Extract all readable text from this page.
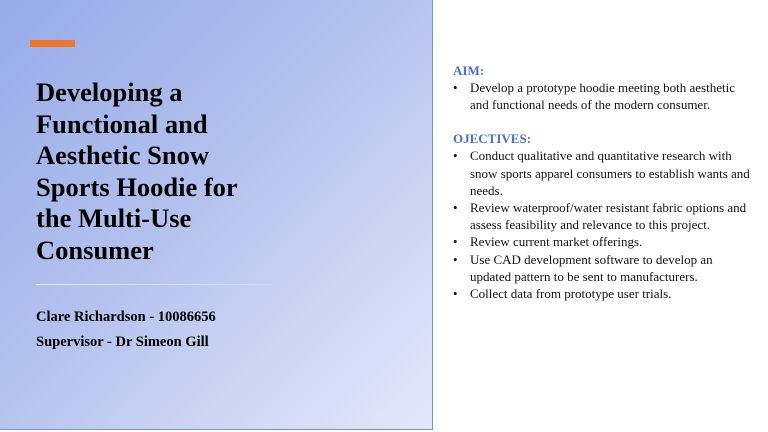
Developing a
Functional and
Aesthetic Snow
Sports Hoodie for
the Multi-Use
Consumer

Clare Richardson - 10086656

Supervisor - Dr Simeon Gill

AIM:
• Develop a prototype hoodie meeting both aesthetic and functional needs of the modern consumer.
OJECTIVES:
• Conduct qualitative and quantitative research with snow sports apparel consumers to establish wants and needs.
• Review waterproof/water resistant fabric options and assess feasibility and relevance to this project.
• Review current market offerings.
• Use CAD development software to develop an updated pattern to be sent to manufacturers.
• Collect data from prototype user trials.
